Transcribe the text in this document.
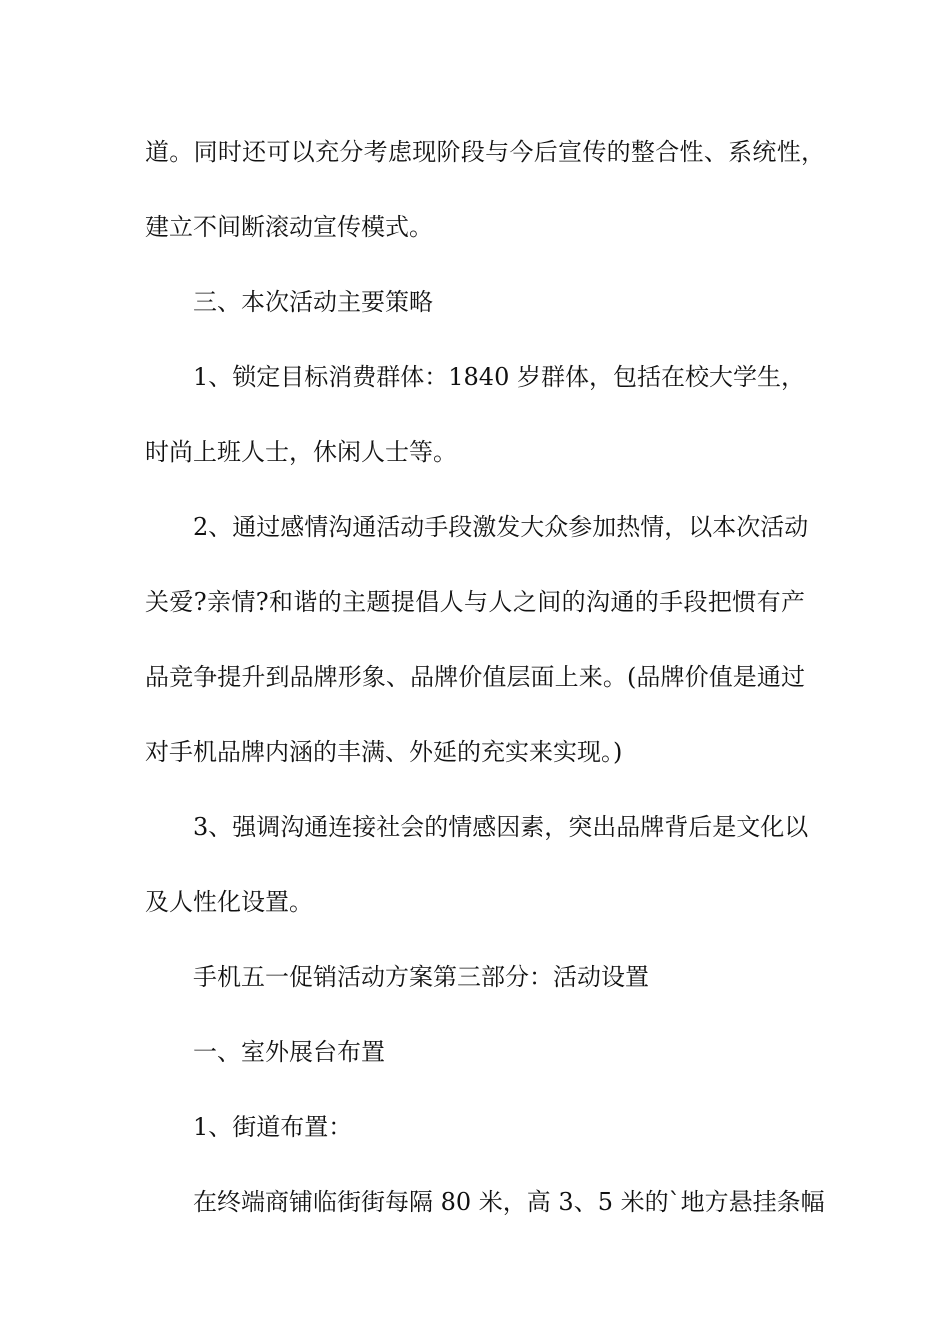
道。同时还可以充分考虑现阶段与今后宣传的整合性、系统性，

建立不间断滚动宣传模式。

三、本次活动主要策略

1、锁定目标消费群体：1840 岁群体，包括在校大学生，

时尚上班人士，休闲人士等。

2、通过感情沟通活动手段激发大众参加热情，以本次活动

关爱?亲情?和谐的主题提倡人与人之间的沟通的手段把惯有产

品竞争提升到品牌形象、品牌价值层面上来。(品牌价值是通过

对手机品牌内涵的丰满、外延的充实来实现。)

3、强调沟通连接社会的情感因素，突出品牌背后是文化以

及人性化设置。

手机五一促销活动方案第三部分：活动设置

一、室外展台布置

1、街道布置：

在终端商铺临街街每隔 80 米，高 3、5 米的`地方悬挂条幅
